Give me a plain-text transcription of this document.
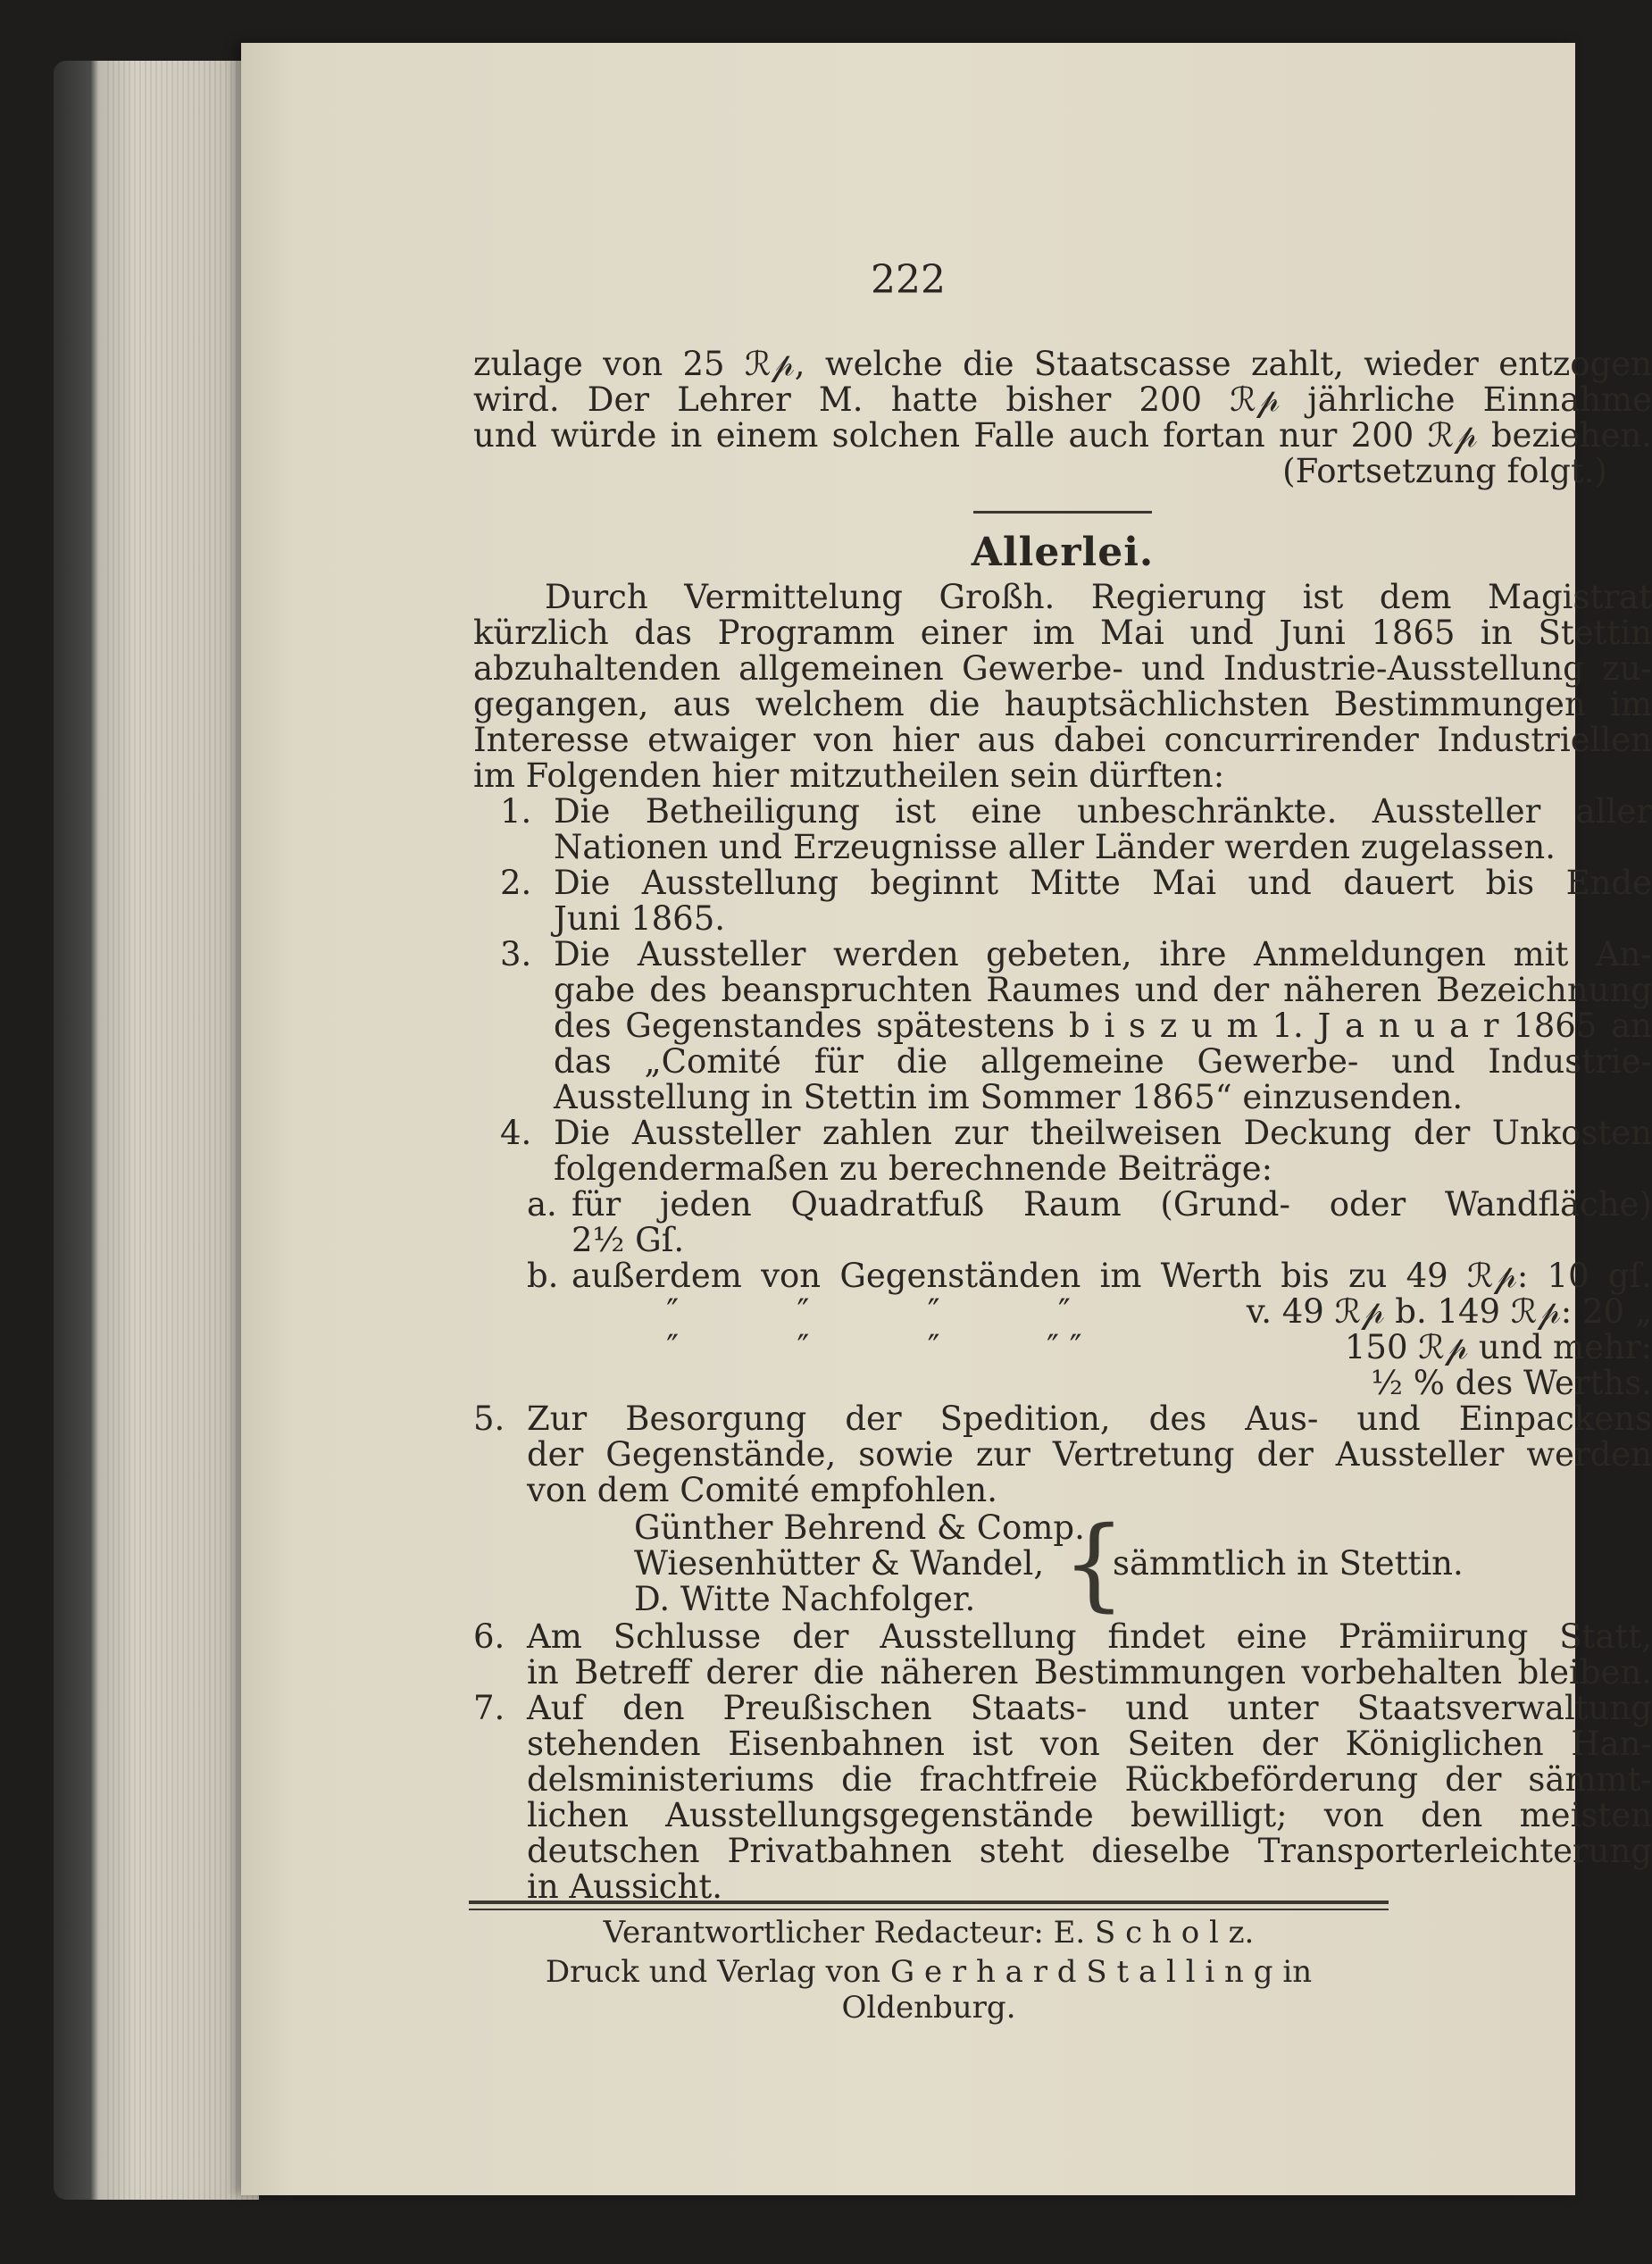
222
zulage von 25 ℛ𝓅, welche die Staatscasse zahlt, wieder entzogen
wird. Der Lehrer M. hatte bisher 200 ℛ𝓅 jährliche Einnahme
und würde in einem solchen Falle auch fortan nur 200 ℛ𝓅 beziehen.
(Fortsetzung folgt.)
Allerlei.
Durch Vermittelung Großh. Regierung ist dem Magistrat
kürzlich das Programm einer im Mai und Juni 1865 in Stettin
abzuhaltenden allgemeinen Gewerbe- und Industrie-Ausstellung zu-
gegangen, aus welchem die hauptsächlichsten Bestimmungen im
Interesse etwaiger von hier aus dabei concurrirender Industriellen
im Folgenden hier mitzutheilen sein dürften:
1. Die Betheiligung ist eine unbeschränkte. Aussteller aller
Nationen und Erzeugnisse aller Länder werden zugelassen.
2. Die Ausstellung beginnt Mitte Mai und dauert bis Ende
Juni 1865.
3. Die Aussteller werden gebeten, ihre Anmeldungen mit An-
gabe des beanspruchten Raumes und der näheren Bezeichnung
des Gegenstandes spätestens b i s z u m 1. J a n u a r 1865 an
das „Comité für die allgemeine Gewerbe- und Industrie-
Ausstellung in Stettin im Sommer 1865“ einzusenden.
4. Die Aussteller zahlen zur theilweisen Deckung der Unkosten
folgendermaßen zu berechnende Beiträge:
a. für jeden Quadratfuß Raum (Grund- oder Wandfläche)
2½ Gſ.
b. außerdem von Gegenständen im Werth bis zu 49 ℛ𝓅: 10 gſ.
″	″	″	″	v. 49 ℛ𝓅 b. 149 ℛ𝓅: 20 „
″	″	″	″ ″	150 ℛ𝓅 und mehr:
½ % des Werths.
5. Zur Besorgung der Spedition, des Aus- und Einpackens
der Gegenstände, sowie zur Vertretung der Aussteller werden
von dem Comité empfohlen.
Günther Behrend & Comp.
Wiesenhütter & Wandel,
D. Witte Nachfolger. {
sämmtlich in Stettin.
6. Am Schlusse der Ausstellung findet eine Prämiirung Statt,
in Betreff derer die näheren Bestimmungen vorbehalten bleiben.
7. Auf den Preußischen Staats- und unter Staatsverwaltung
stehenden Eisenbahnen ist von Seiten der Königlichen Han-
delsministeriums die frachtfreie Rückbeförderung der sämmt-
lichen Ausstellungsgegenstände bewilligt; von den meisten
deutschen Privatbahnen steht dieselbe Transporterleichterung
in Aussicht.
Verantwortlicher Redacteur: E. S c h o l z.
Druck und Verlag von G e r h a r d S t a l l i n g in Oldenburg.
